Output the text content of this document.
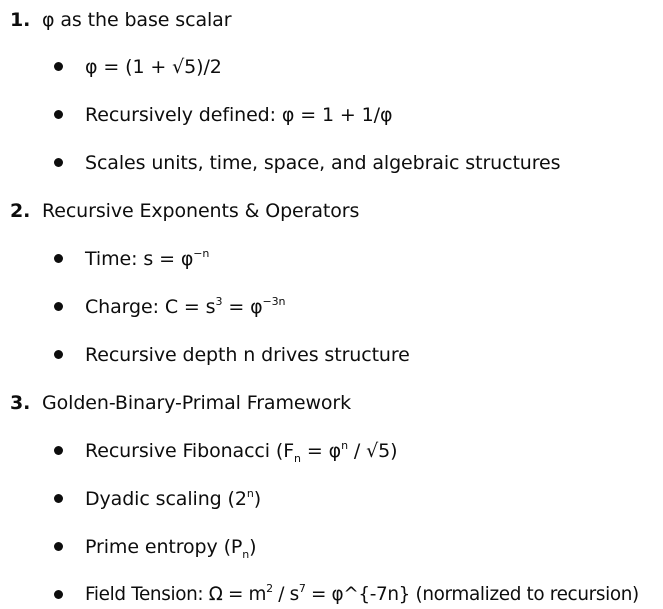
1. φ as the base scalar
φ = (1 + √5)/2
Recursively defined: φ = 1 + 1/φ
Scales units, time, space, and algebraic structures
2. Recursive Exponents & Operators
Time: $s = \varphi^{-n}$
Charge: $C = s^3 = \varphi^{-3n}$
Recursive depth n drives structure
3. Golden-Binary-Primal Framework
Recursive Fibonacci $(F_n = \varphi^n / √5)$
Dyadic scaling (2$^n$)
Prime entropy $(P_n)$
Field Tension: $\Omega = m^2 / s^7$ = φ^{-7n} (normalized to recursion)
